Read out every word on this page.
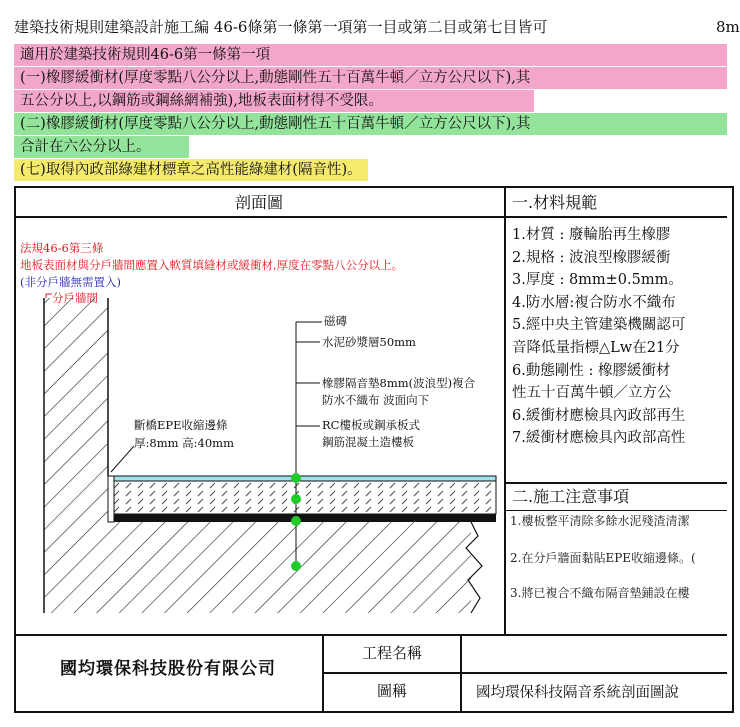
建築技術規則建築設計施工編 46-6條第一條第一項第一目或第二目或第七目皆可	8m
適用於建築技術規則46-6第一條第一項
(一)橡膠緩衝材(厚度零點八公分以上,動態剛性五十百萬牛頓／立方公尺以下),其
五公分以上,以鋼筋或鋼絲網補強),地板表面材得不受限。
(二)橡膠緩衝材(厚度零點八公分以上,動態剛性五十百萬牛頓／立方公尺以下),其
合計在六公分以上。
(七)取得內政部綠建材標章之高性能綠建材(隔音性)。
剖面圖	一.材料規範
1.材質 : 廢輪胎再生橡膠
2.規格 : 波浪型橡膠緩衝
3.厚度 : 8mm±0.5mm。
4.防水層:複合防水不織布
5.經中央主管建築機關認可
音降低量指標△Lw在21分
6.動態剛性 : 橡膠緩衝材
性五十百萬牛頓／立方公
6.緩衝材應檢具內政部再生
7.緩衝材應檢具內政部高性
二.施工注意事項
1.樓板整平清除多餘水泥殘渣清潔
2.在分戶牆面黏貼EPE收縮邊條。(
3.將已複合不織布隔音墊鋪設在樓
國均環保科技股份有限公司
工程名稱
圖稱	國均環保科技隔音系統剖面圖說
法規46-6第三條
地板表面材與分戶牆間應置入軟質填縫材或緩衝材,厚度在零點八公分以上。
(非分戶牆無需置入)
斷橋EPE收縮邊條
厚:8mm 高:40mm
磁磚
水泥砂漿層50mm
橡膠隔音墊8mm(波浪型)複合
防水不織布 波面向下
RC樓板或鋼承板式
鋼筋混凝土造樓板
